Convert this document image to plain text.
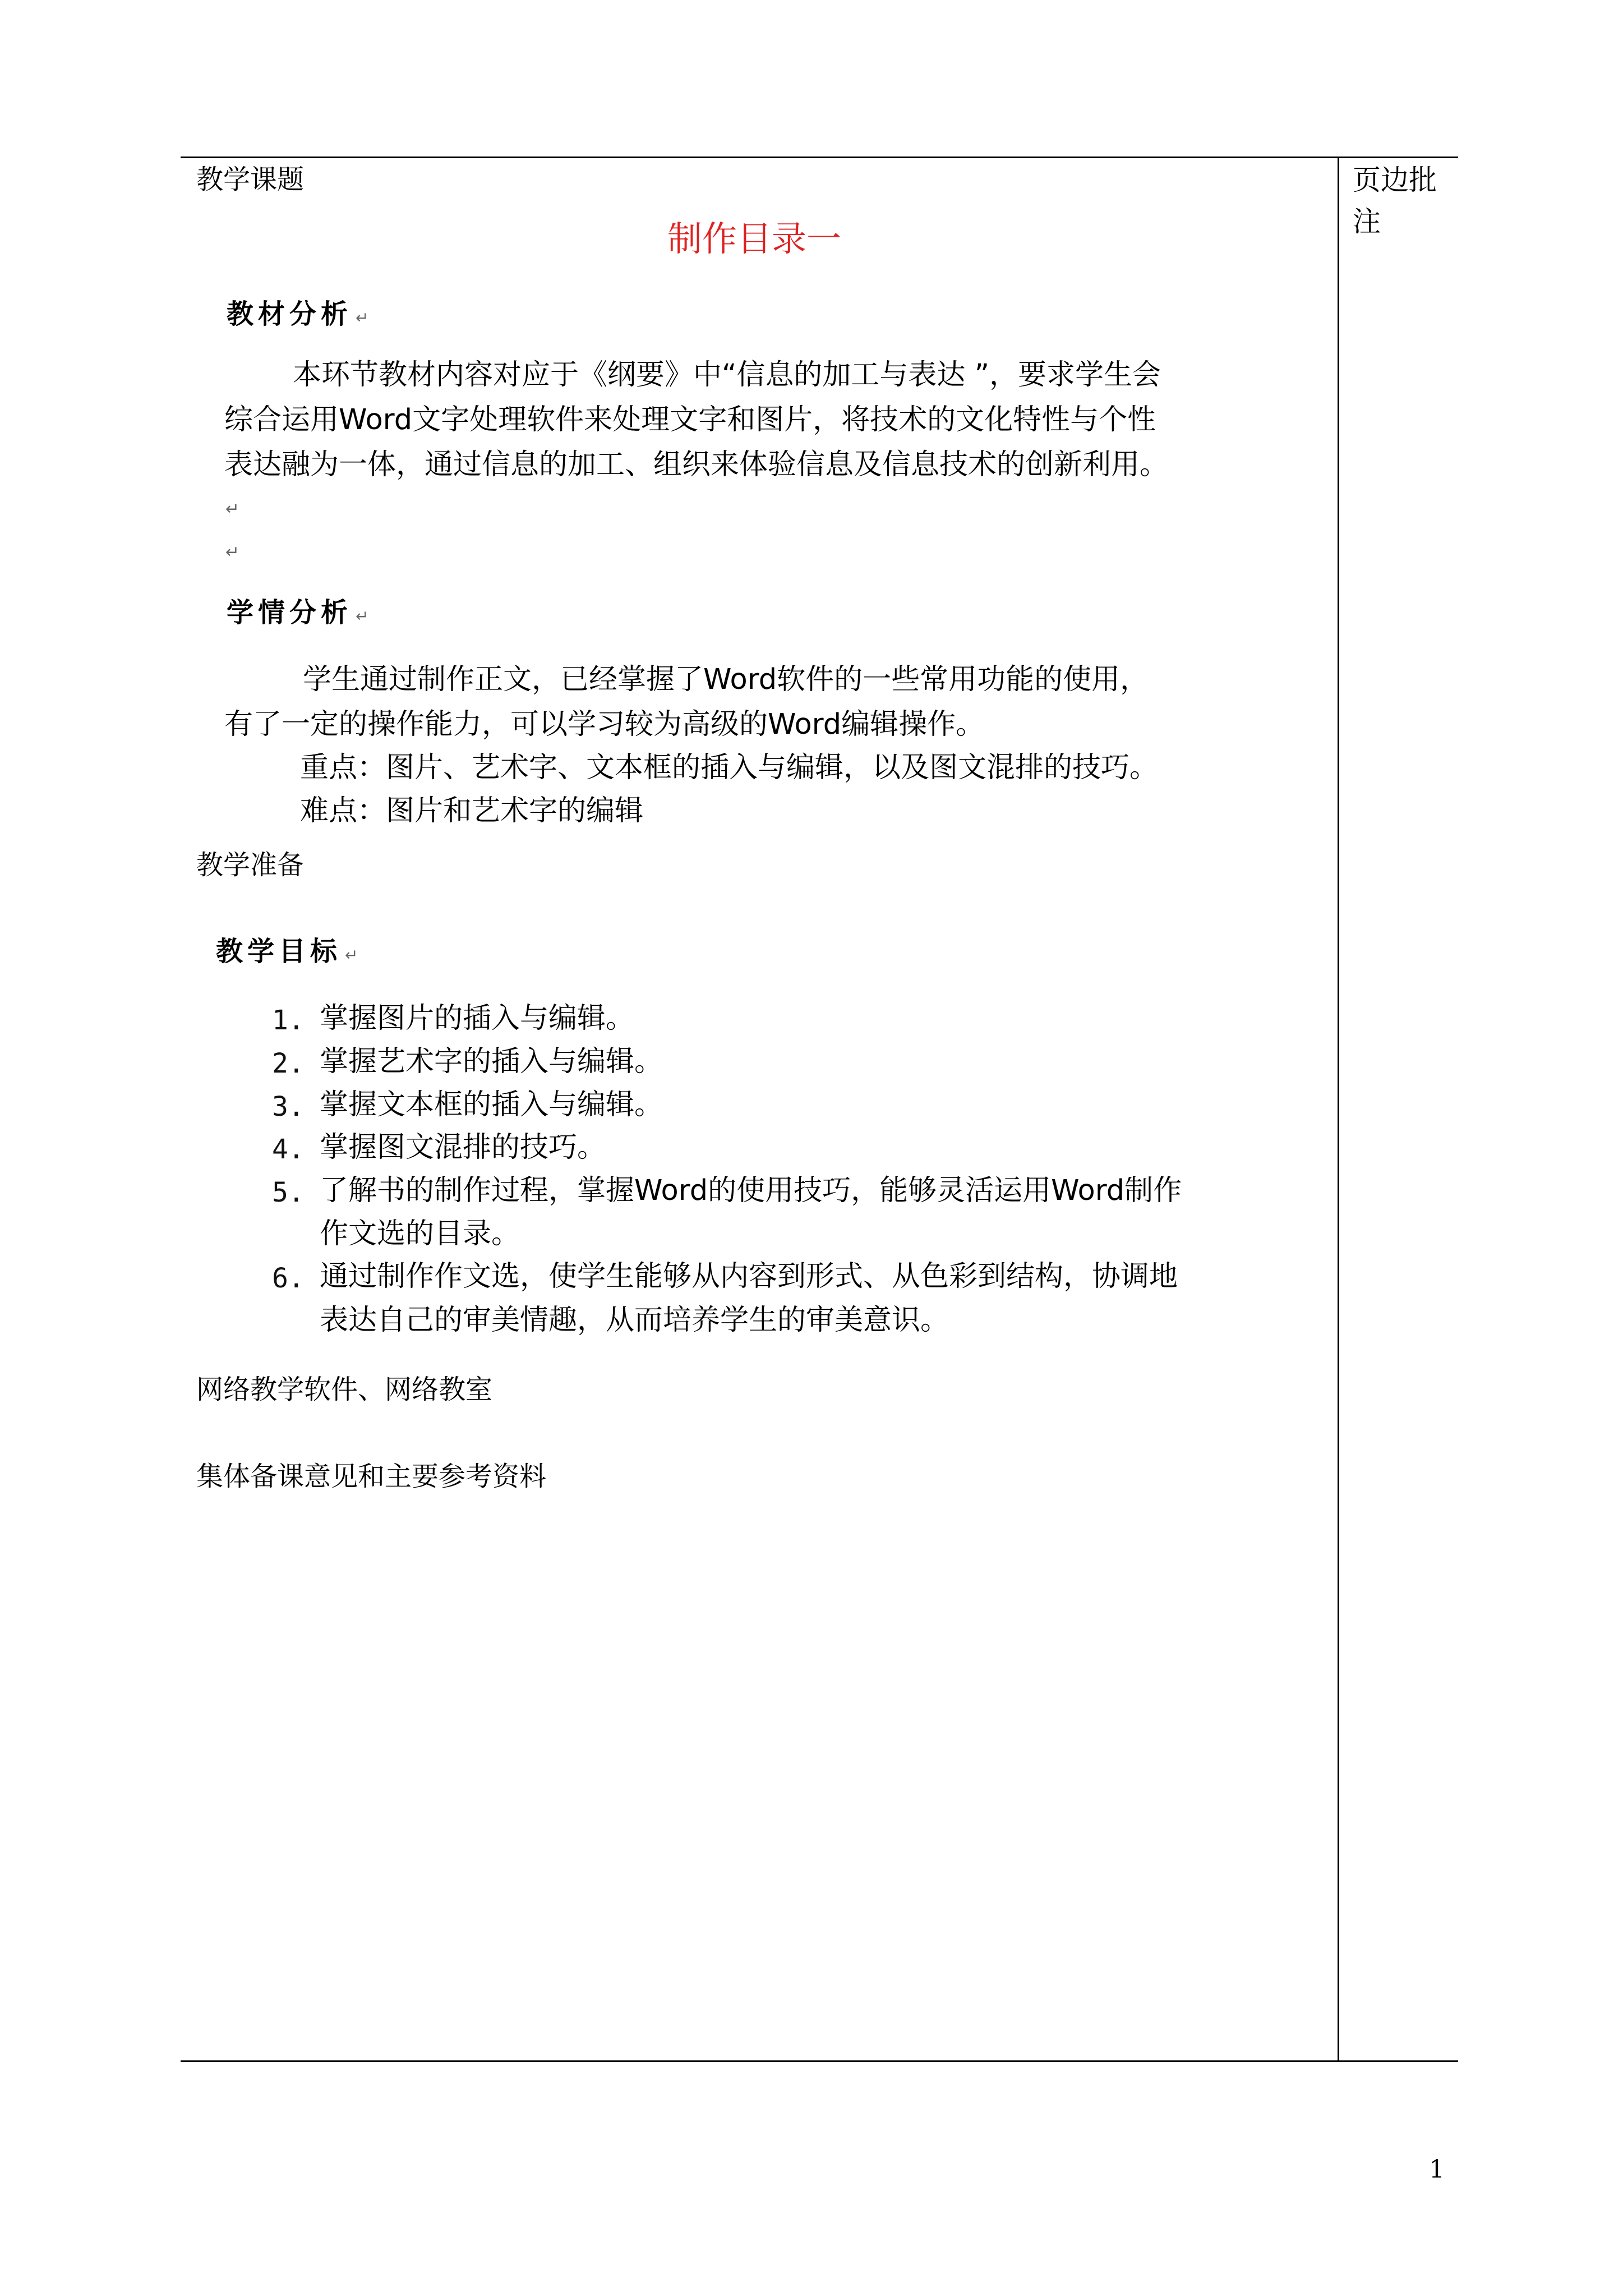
教学课题	页边批注
制作目录一
教材分析 ↵
本环节教材内容对应于《纲要》中“信息的加工与表达 ”，要求学生会
综合运用Word文字处理软件来处理文字和图片，将技术的文化特性与个性
表达融为一体，通过信息的加工、组织来体验信息及信息技术的创新利用。
↵
↵
学情分析 ↵
学生通过制作正文，已经掌握了Word软件的一些常用功能的使用，
有了一定的操作能力，可以学习较为高级的Word编辑操作。
重点：图片、艺术字、文本框的插入与编辑，以及图文混排的技巧。
难点：图片和艺术字的编辑
教学准备
教学目标 ↵
1. 掌握图片的插入与编辑。
2. 掌握艺术字的插入与编辑。
3. 掌握文本框的插入与编辑。
4. 掌握图文混排的技巧。
5. 了解书的制作过程，掌握Word的使用技巧，能够灵活运用Word制作
作文选的目录。
6. 通过制作作文选，使学生能够从内容到形式、从色彩到结构，协调地
表达自己的审美情趣，从而培养学生的审美意识。
网络教学软件、网络教室
集体备课意见和主要参考资料
1
